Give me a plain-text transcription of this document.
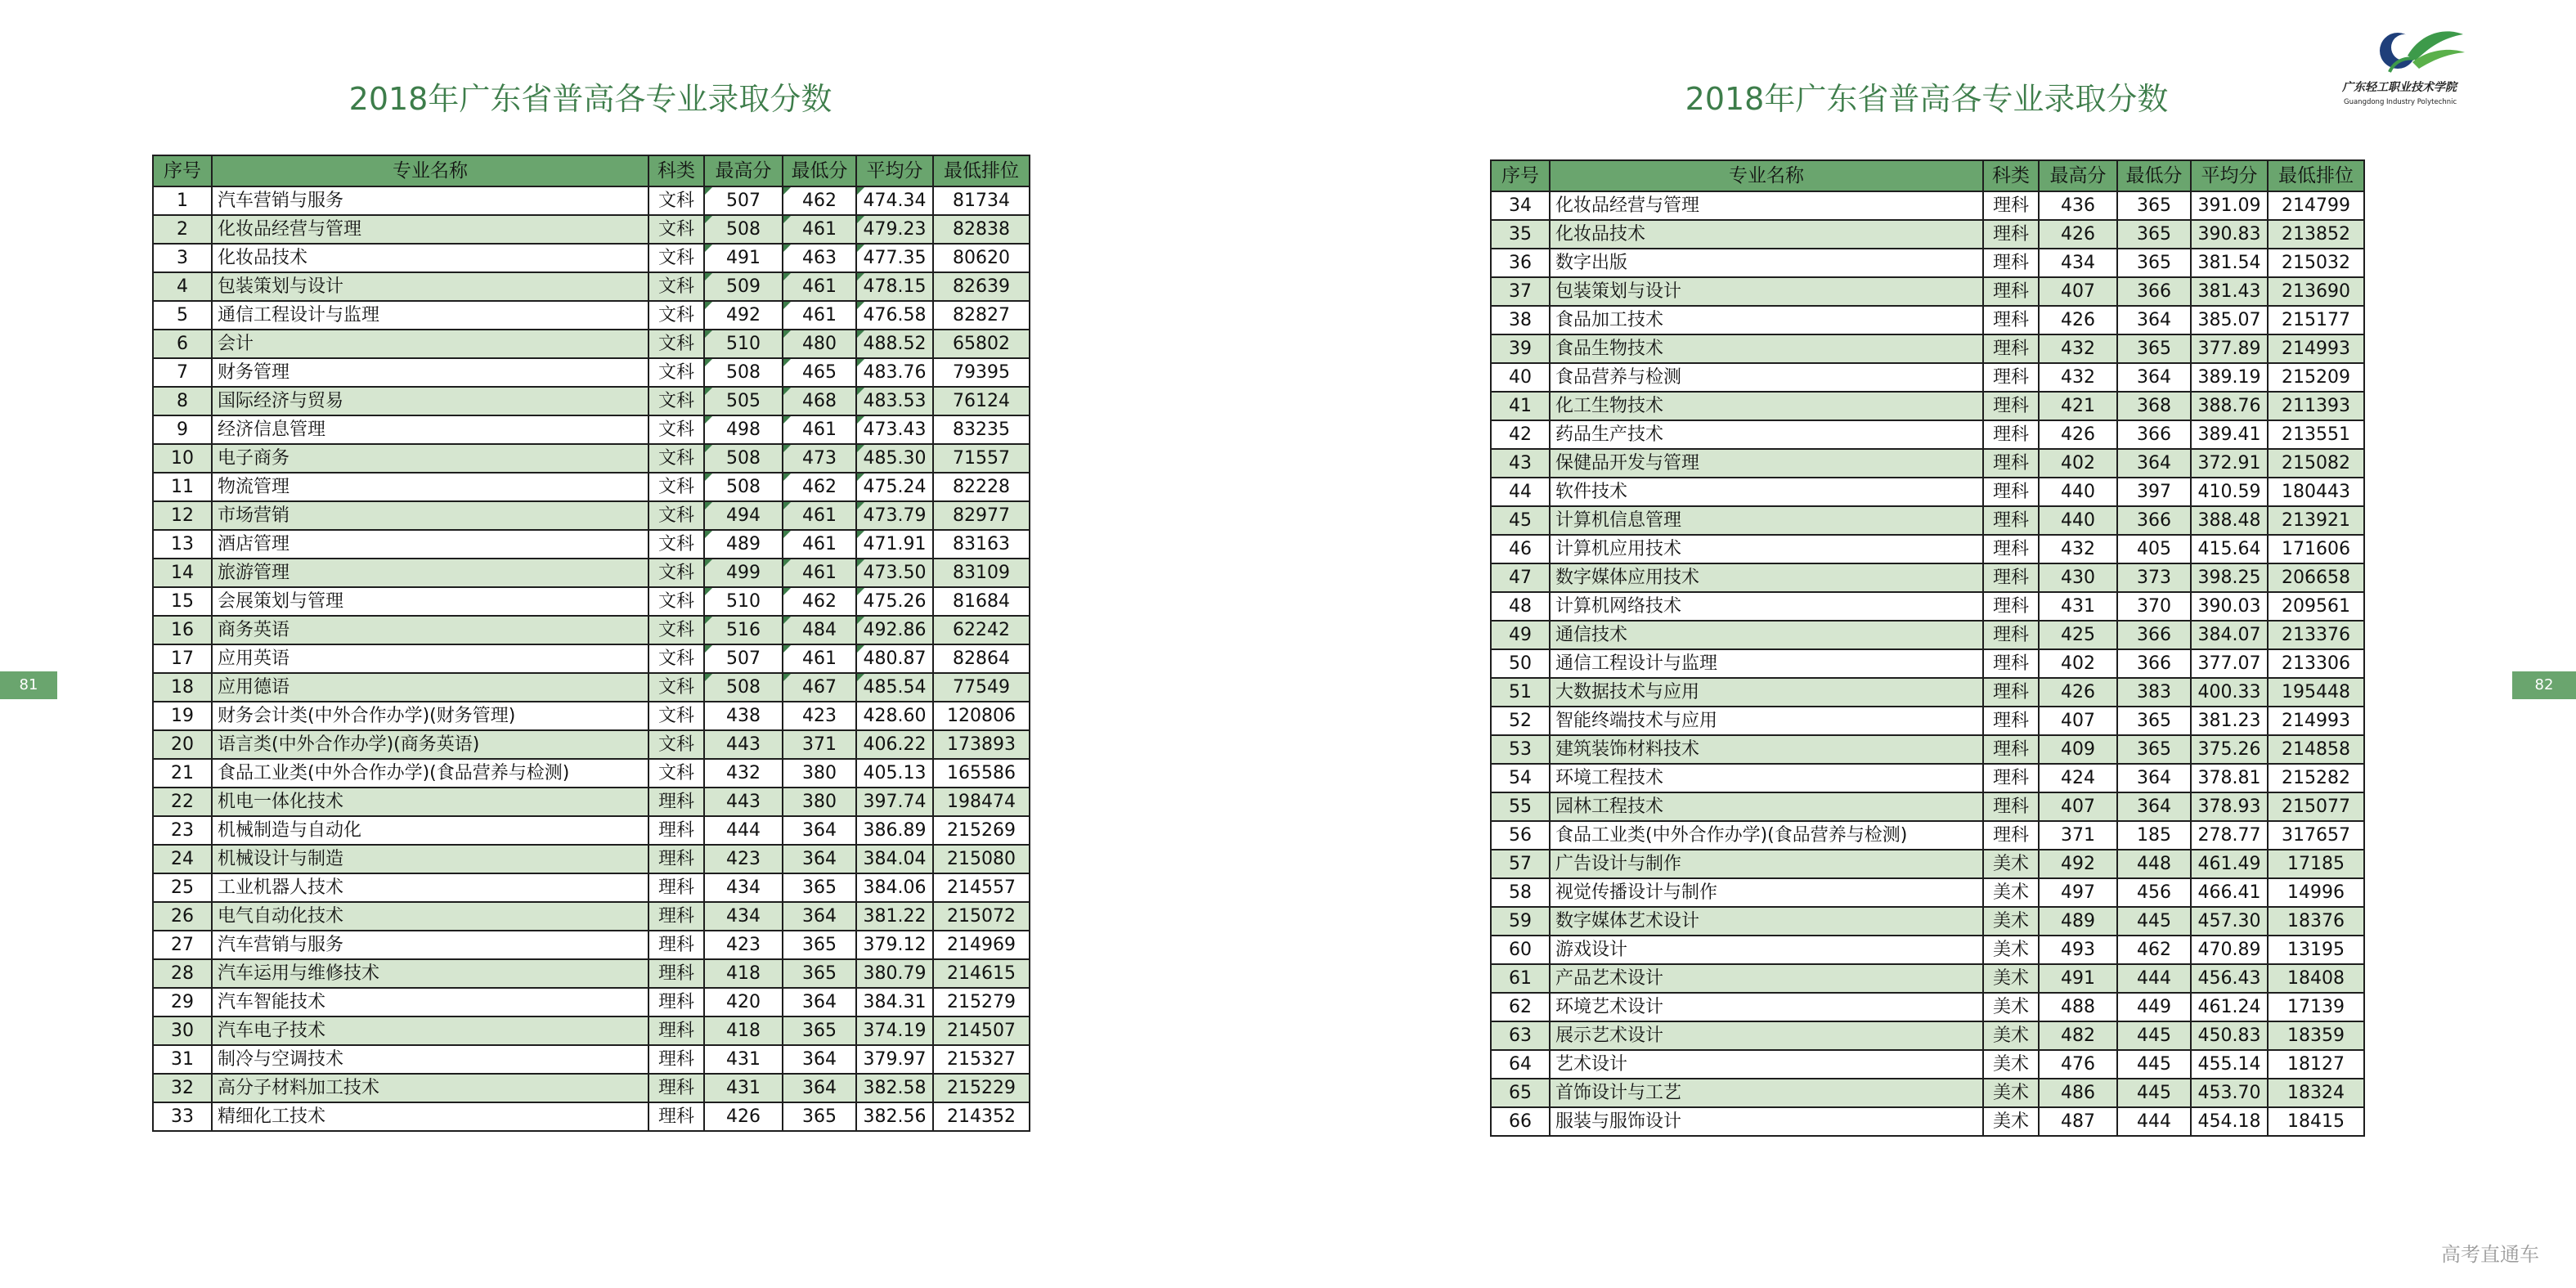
2018年广东省普高各专业录取分数	2018年广东省普高各专业录取分数
序号	专业名称	科类	最高分	最低分	平均分	最低排位
1	汽车营销与服务	文科	507	462	474.34	81734
2	化妆品经营与管理	文科	508	461	479.23	82838
3	化妆品技术	文科	491	463	477.35	80620
4	包装策划与设计	文科	509	461	478.15	82639
5	通信工程设计与监理	文科	492	461	476.58	82827
6	会计	文科	510	480	488.52	65802
7	财务管理	文科	508	465	483.76	79395
8	国际经济与贸易	文科	505	468	483.53	76124
9	经济信息管理	文科	498	461	473.43	83235
10	电子商务	文科	508	473	485.30	71557
11	物流管理	文科	508	462	475.24	82228
12	市场营销	文科	494	461	473.79	82977
13	酒店管理	文科	489	461	471.91	83163
14	旅游管理	文科	499	461	473.50	83109
15	会展策划与管理	文科	510	462	475.26	81684
16	商务英语	文科	516	484	492.86	62242
17	应用英语	文科	507	461	480.87	82864
18	应用德语	文科	508	467	485.54	77549
19	财务会计类(中外合作办学)(财务管理)	文科	438	423	428.60	120806
20	语言类(中外合作办学)(商务英语)	文科	443	371	406.22	173893
21	食品工业类(中外合作办学)(食品营养与检测)	文科	432	380	405.13	165586
22	机电一体化技术	理科	443	380	397.74	198474
23	机械制造与自动化	理科	444	364	386.89	215269
24	机械设计与制造	理科	423	364	384.04	215080
25	工业机器人技术	理科	434	365	384.06	214557
26	电气自动化技术	理科	434	364	381.22	215072
27	汽车营销与服务	理科	423	365	379.12	214969
28	汽车运用与维修技术	理科	418	365	380.79	214615
29	汽车智能技术	理科	420	364	384.31	215279
30	汽车电子技术	理科	418	365	374.19	214507
31	制冷与空调技术	理科	431	364	379.97	215327
32	高分子材料加工技术	理科	431	364	382.58	215229
33	精细化工技术	理科	426	365	382.56	214352
序号	专业名称	科类	最高分	最低分	平均分	最低排位
34	化妆品经营与管理	理科	436	365	391.09	214799
35	化妆品技术	理科	426	365	390.83	213852
36	数字出版	理科	434	365	381.54	215032
37	包装策划与设计	理科	407	366	381.43	213690
38	食品加工技术	理科	426	364	385.07	215177
39	食品生物技术	理科	432	365	377.89	214993
40	食品营养与检测	理科	432	364	389.19	215209
41	化工生物技术	理科	421	368	388.76	211393
42	药品生产技术	理科	426	366	389.41	213551
43	保健品开发与管理	理科	402	364	372.91	215082
44	软件技术	理科	440	397	410.59	180443
45	计算机信息管理	理科	440	366	388.48	213921
46	计算机应用技术	理科	432	405	415.64	171606
47	数字媒体应用技术	理科	430	373	398.25	206658
48	计算机网络技术	理科	431	370	390.03	209561
49	通信技术	理科	425	366	384.07	213376
50	通信工程设计与监理	理科	402	366	377.07	213306
51	大数据技术与应用	理科	426	383	400.33	195448
52	智能终端技术与应用	理科	407	365	381.23	214993
53	建筑装饰材料技术	理科	409	365	375.26	214858
54	环境工程技术	理科	424	364	378.81	215282
55	园林工程技术	理科	407	364	378.93	215077
56	食品工业类(中外合作办学)(食品营养与检测)	理科	371	185	278.77	317657
57	广告设计与制作	美术	492	448	461.49	17185
58	视觉传播设计与制作	美术	497	456	466.41	14996
59	数字媒体艺术设计	美术	489	445	457.30	18376
60	游戏设计	美术	493	462	470.89	13195
61	产品艺术设计	美术	491	444	456.43	18408
62	环境艺术设计	美术	488	449	461.24	17139
63	展示艺术设计	美术	482	445	450.83	18359
64	艺术设计	美术	476	445	455.14	18127
65	首饰设计与工艺	美术	486	445	453.70	18324
66	服装与服饰设计	美术	487	444	454.18	18415
81	82
广东轻工职业技术学院
Guangdong Industry Polytechnic
高考直通车
